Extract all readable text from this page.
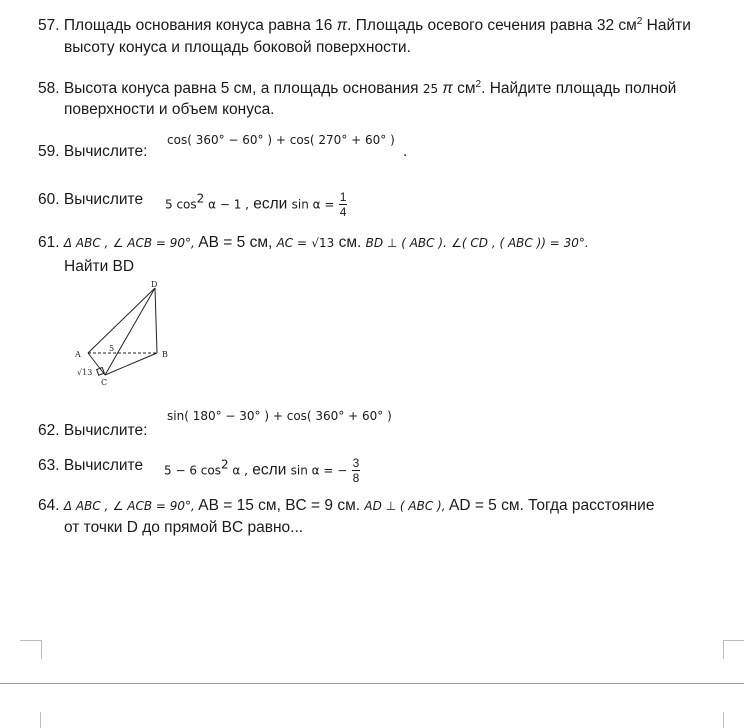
57. Площадь основания конуса равна 16 π. Площадь осевого сечения равна 32 $см^2$ Найти
высоту конуса и площадь боковой поверхности.
58. Высота конуса равна 5 см, а площадь основания 25 π $см^2$. Найдите площадь полной
поверхности и объем конуса.
cos( 360° − 60° ) + cos( 270° + 60° )
59. Вычислите:	.
60. Вычислите 5 $\cos^2 \alpha - 1$ , если $\sin \alpha = \frac{1}{4}$
61. Δ ABC , ∠ ACB = 90°, AB = 5 см, AC = √13 см. BD ⊥ ( ABC ). ∠( CD , ( ABC )) = 30°.
Найти BD
D
A	B
C
5
√13
sin( 180° − 30° ) + cos( 360° + 60° )
62. Вычислите:
63. Вычислите 5 − 6 $\cos^2 \alpha$ , если sin α = − $\frac{3}{8}$
64. Δ ABC , ∠ ACB = 90°, AB = 15 см, BC = 9 см. AD ⊥ ( ABC ), AD = 5 см. Тогда расстояние
от точки D до прямой BC равно...
